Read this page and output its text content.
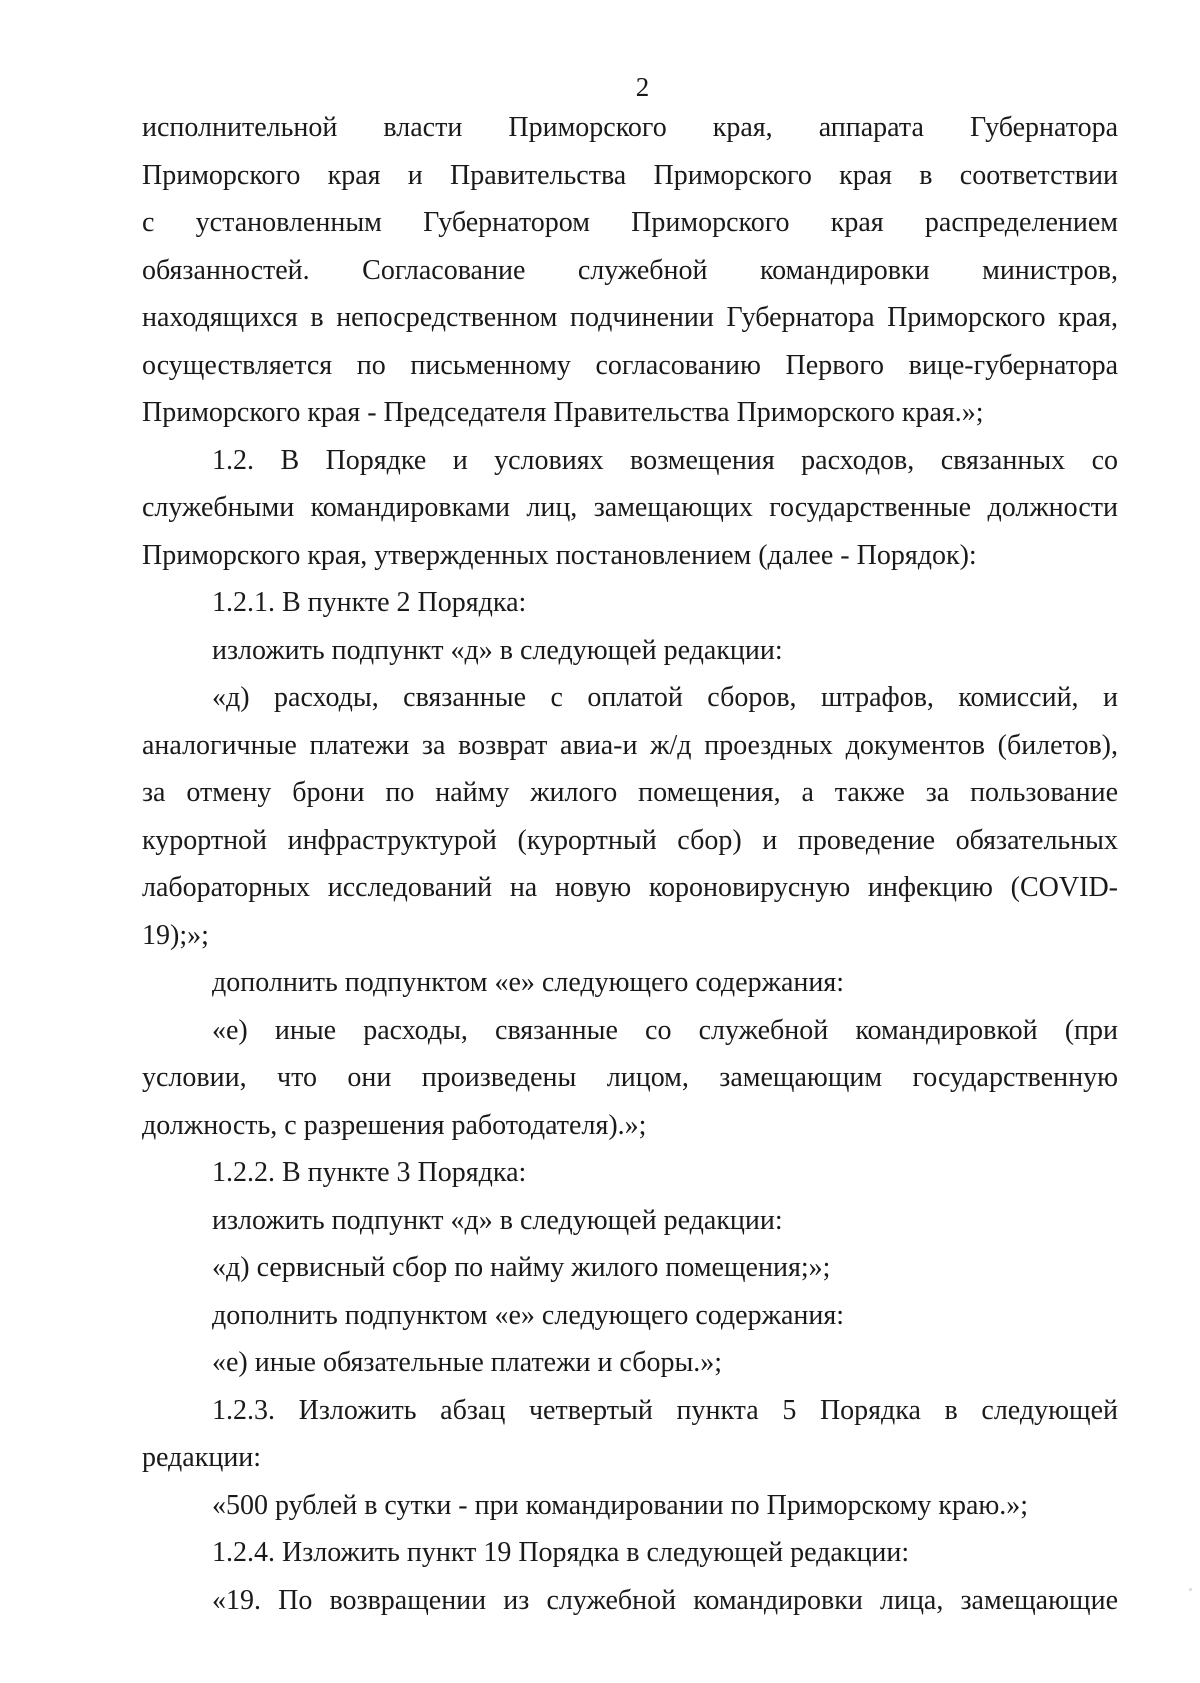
2
исполнительной власти Приморского края, аппарата Губернатора
Приморского края и Правительства Приморского края в соответствии
с установленным Губернатором Приморского края распределением
обязанностей. Согласование служебной командировки министров,
находящихся в непосредственном подчинении Губернатора Приморского края,
осуществляется по письменному согласованию Первого вице-губернатора
Приморского края - Председателя Правительства Приморского края.»;
1.2. В Порядке и условиях возмещения расходов, связанных со
служебными командировками лиц, замещающих государственные должности
Приморского края, утвержденных постановлением (далее - Порядок):
1.2.1. В пункте 2 Порядка:
изложить подпункт «д» в следующей редакции:
«д) расходы, связанные с оплатой сборов, штрафов, комиссий, и
аналогичные платежи за возврат авиа-и ж/д проездных документов (билетов),
за отмену брони по найму жилого помещения, а также за пользование
курортной инфраструктурой (курортный сбор) и проведение обязательных
лабораторных исследований на новую короновирусную инфекцию (COVID-
19);»;
дополнить подпунктом «е» следующего содержания:
«е) иные расходы, связанные со служебной командировкой (при
условии, что они произведены лицом, замещающим государственную
должность, с разрешения работодателя).»;
1.2.2. В пункте 3 Порядка:
изложить подпункт «д» в следующей редакции:
«д) сервисный сбор по найму жилого помещения;»;
дополнить подпунктом «е» следующего содержания:
«е) иные обязательные платежи и сборы.»;
1.2.3. Изложить абзац четвертый пункта 5 Порядка в следующей
редакции:
«500 рублей в сутки - при командировании по Приморскому краю.»;
1.2.4. Изложить пункт 19 Порядка в следующей редакции:
«19. По возвращении из служебной командировки лица, замещающие
